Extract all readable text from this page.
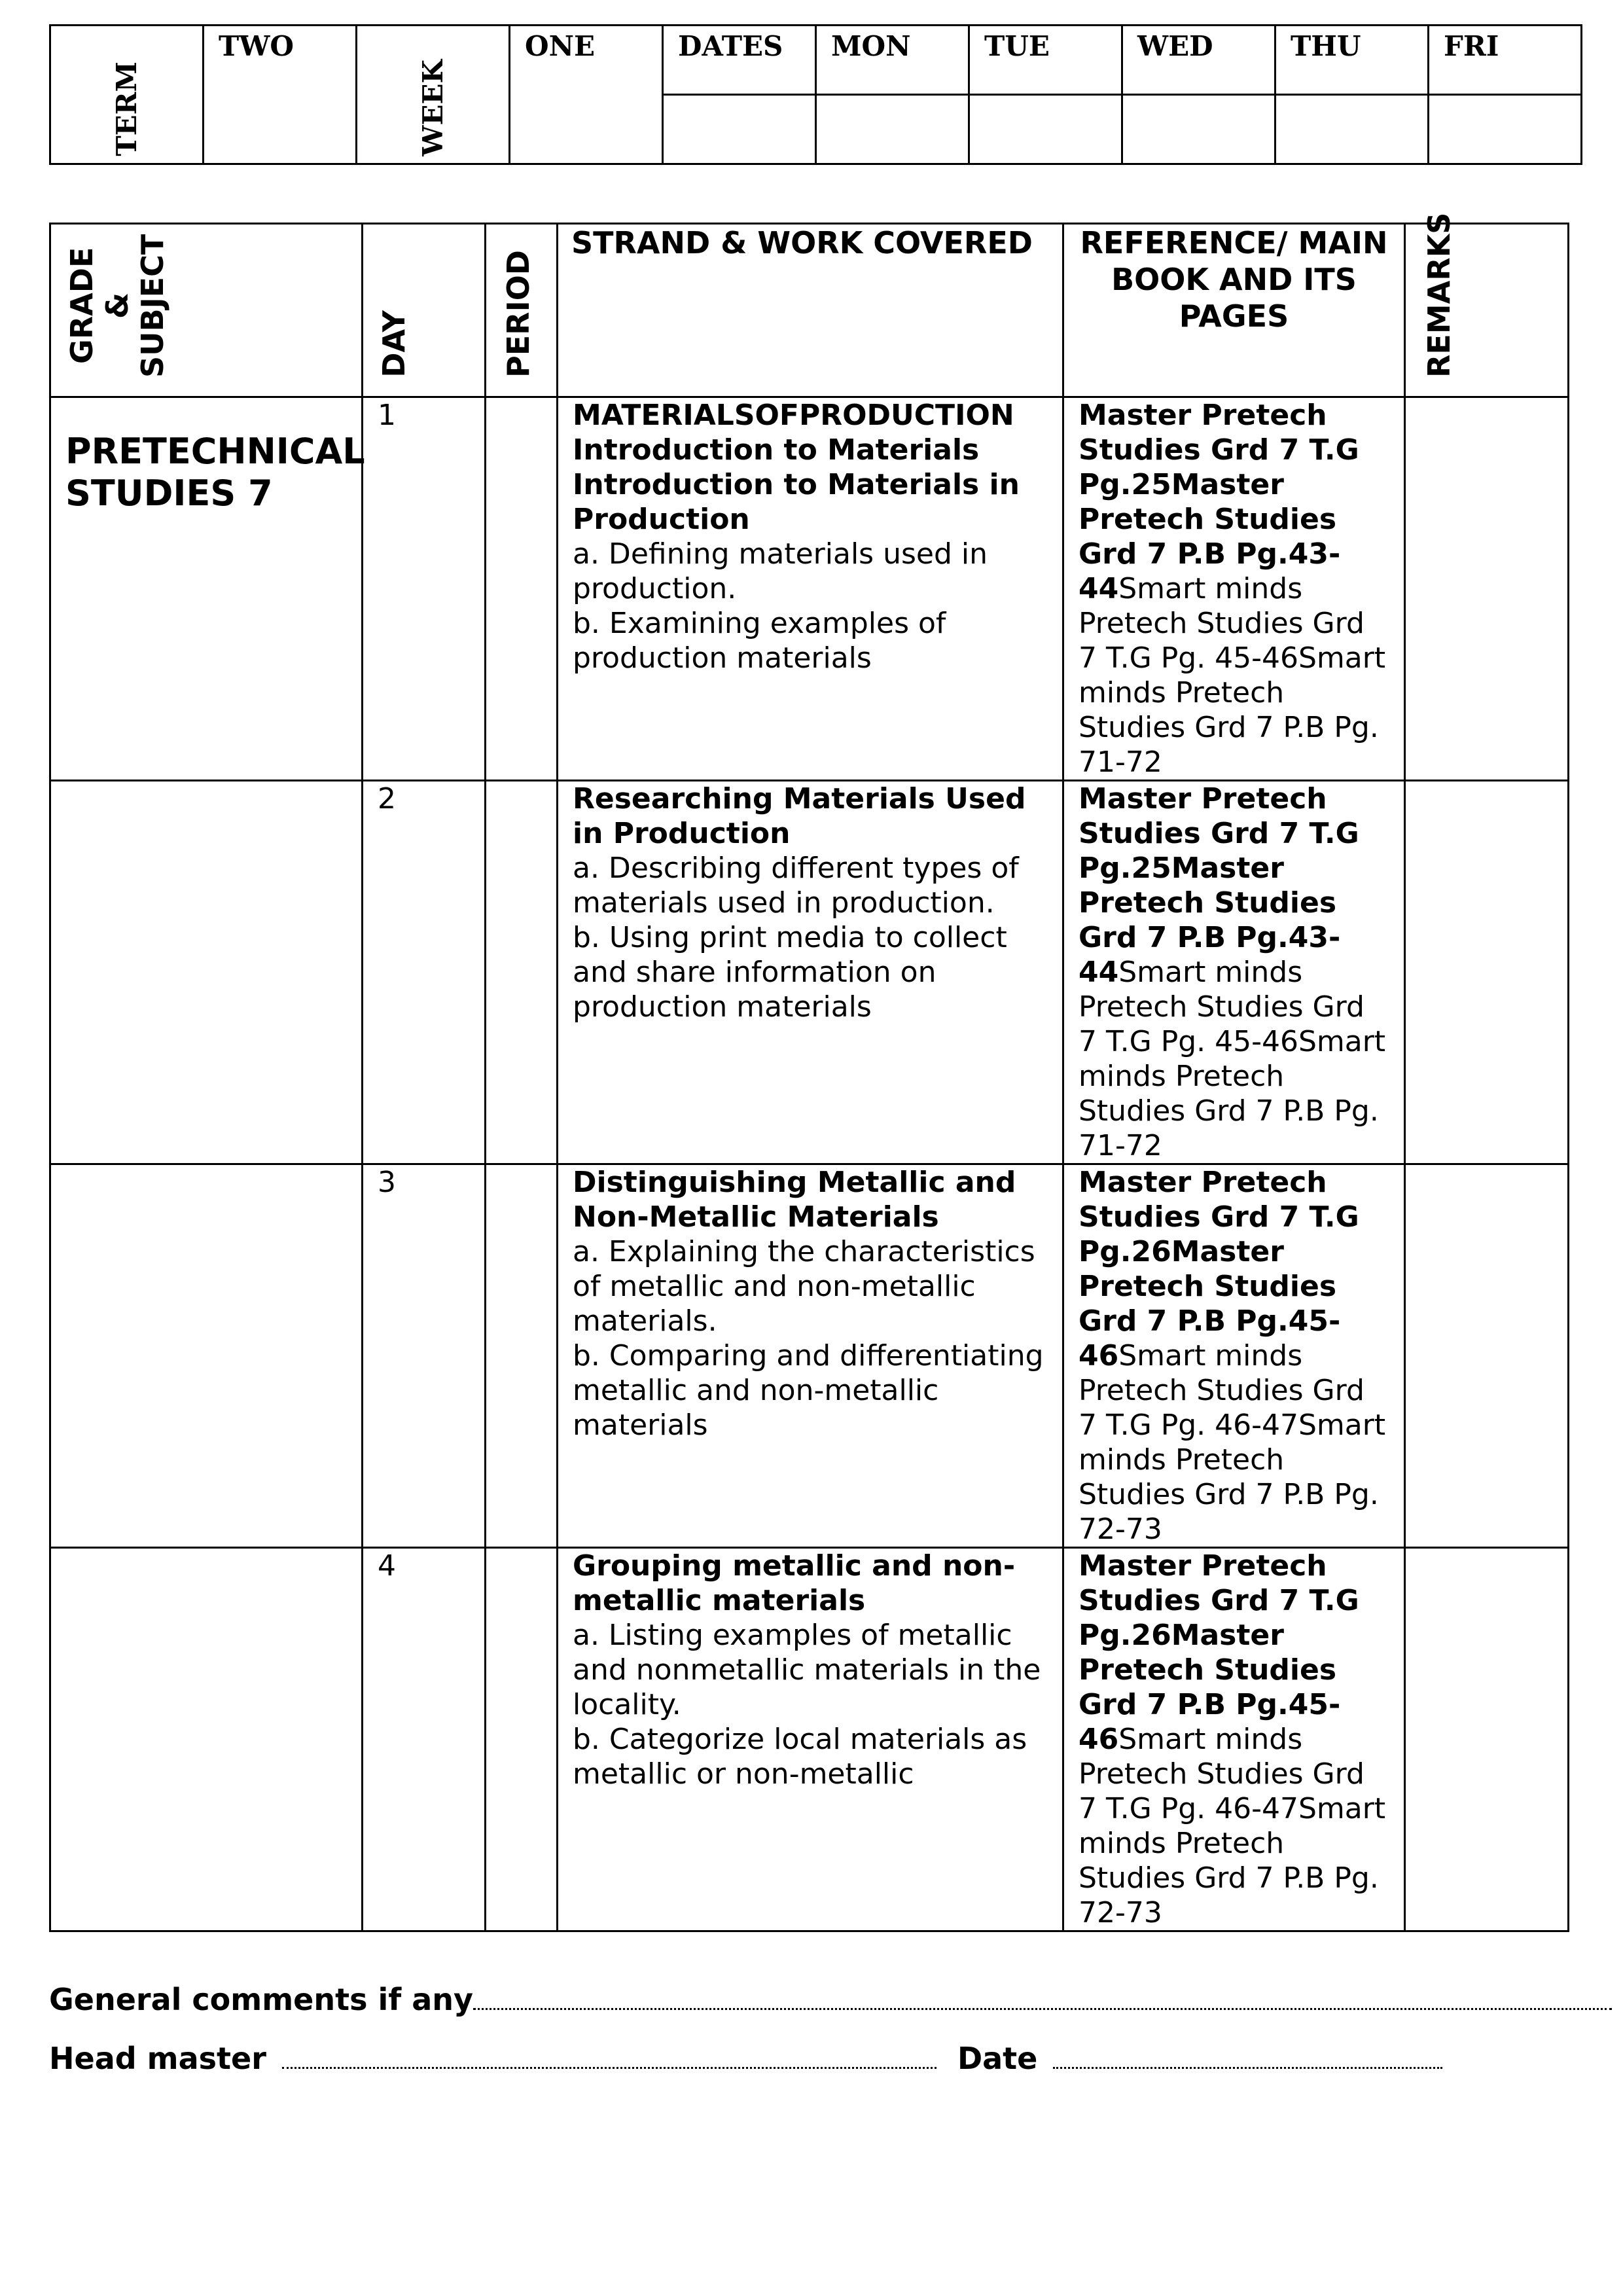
TERM	TWO	WEEK	ONE	DATES	MON	TUE	WED	THU	FRI

GRADE & SUBJECT	DAY	PERIOD	STRAND & WORK COVERED	REFERENCE/ MAIN BOOK AND ITS PAGES	REMARKS

PRETECHNICAL STUDIES 7	1		MATERIALSOFPRODUCTION Introduction to Materials Introduction to Materials in Production
a. Defining materials used in production.
b. Examining examples of production materials	Master Pretech Studies Grd 7 T.G Pg.25Master Pretech Studies Grd 7 P.B Pg.43-44Smart minds Pretech Studies Grd 7 T.G Pg. 45-46Smart minds Pretech Studies Grd 7 P.B Pg. 71-72	

	2		Researching Materials Used in Production
a. Describing different types of materials used in production.
b. Using print media to collect and share information on production materials	Master Pretech Studies Grd 7 T.G Pg.25Master Pretech Studies Grd 7 P.B Pg.43-44Smart minds Pretech Studies Grd 7 T.G Pg. 45-46Smart minds Pretech Studies Grd 7 P.B Pg. 71-72	

	3		Distinguishing Metallic and Non-Metallic Materials
a. Explaining the characteristics of metallic and non-metallic materials.
b. Comparing and differentiating metallic and non-metallic materials	Master Pretech Studies Grd 7 T.G Pg.26Master Pretech Studies Grd 7 P.B Pg.45-46Smart minds Pretech Studies Grd 7 T.G Pg. 46-47Smart minds Pretech Studies Grd 7 P.B Pg. 72-73	

	4		Grouping metallic and non-metallic materials
a. Listing examples of metallic and nonmetallic materials in the locality.
b. Categorize local materials as metallic or non-metallic	Master Pretech Studies Grd 7 T.G Pg.26Master Pretech Studies Grd 7 P.B Pg.45-46Smart minds Pretech Studies Grd 7 T.G Pg. 46-47Smart minds Pretech Studies Grd 7 P.B Pg. 72-73	

General comments if any
Head master	Date
